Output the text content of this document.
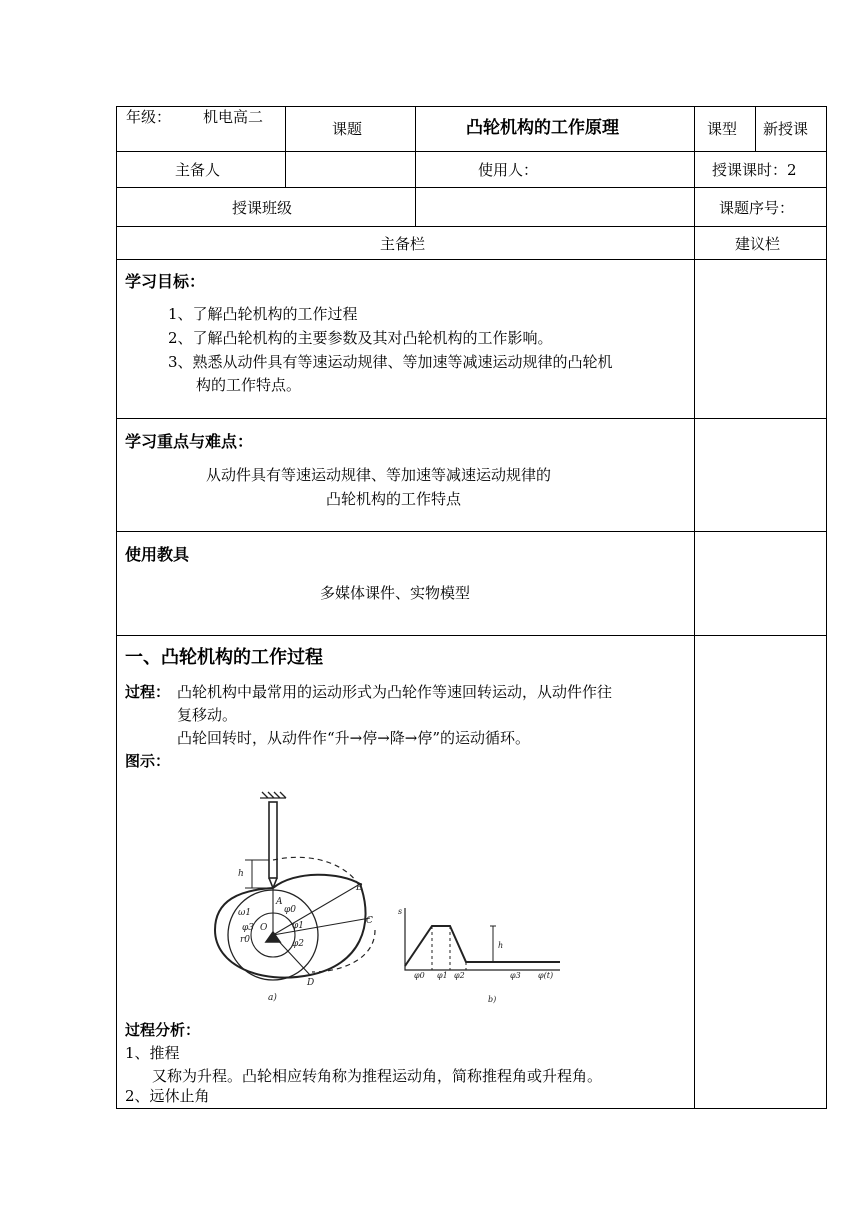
年级： 机电高二
课题	凸轮机构的工作原理	课型 新授课
主备人	使用人：	授课课时：2
授课班级	课题序号：
主备栏	建议栏
学习目标：
1、了解凸轮机构的工作过程
2、了解凸轮机构的主要参数及其对凸轮机构的工作影响。
3、熟悉从动件具有等速运动规律、等加速等减速运动规律的凸轮机
构的工作特点。
学习重点与难点：
从动件具有等速运动规律、等加速等减速运动规律的
凸轮机构的工作特点
使用教具
多媒体课件、实物模型
一、凸轮机构的工作过程
过程： 凸轮机构中最常用的运动形式为凸轮作等速回转运动，从动件作往
复移动。
凸轮回转时，从动件作“升→停→降→停”的运动循环。
图示：
h
A
B
C
D
O
ω1	φ0
φ1
φ2
φ3
r0
a)
s
h
φ0 φ1 φ2	φ3 φ(t)
b)
过程分析：
1、推程
又称为升程。凸轮相应转角称为推程运动角，简称推程角或升程角。
2、远休止角
